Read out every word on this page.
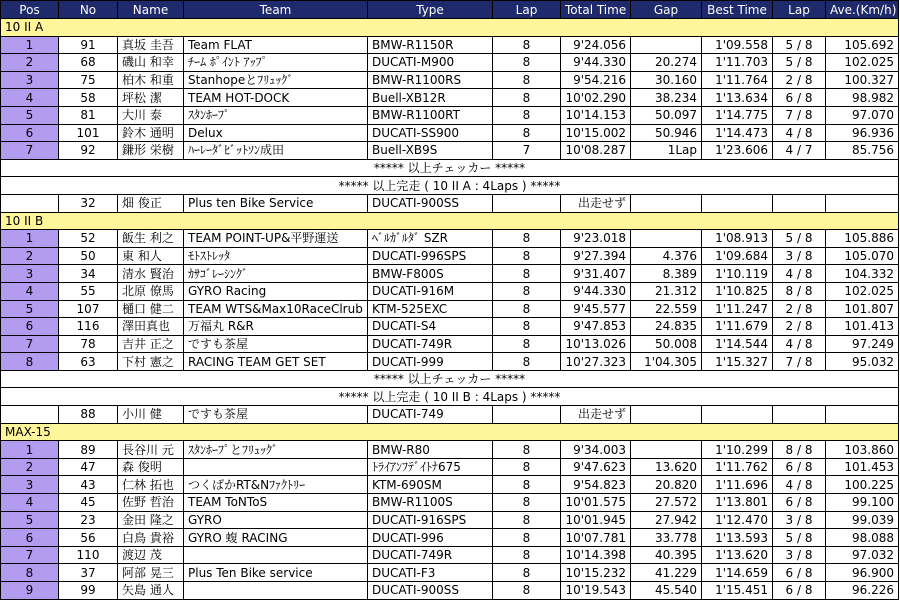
Pos	No	Name	Team	Type	Lap	Total Time	Gap	Best Time	Lap	Ave.(Km/h)
10 II A										
1	91	真坂 圭吾	Team FLAT	BMW-R1150R	8	9'24.056		1'09.558	5 / 8	105.692
2	68	磯山 和幸	ﾁｰﾑ ﾎﾟｲﾝﾄ ｱｯﾌﾟ	DUCATI-M900	8	9'44.330	20.274	1'11.703	5 / 8	102.025
3	75	柏木 和重	Stanhopeとﾌﾘｭｯｸﾞ	BMW-R1100RS	8	9'54.216	30.160	1'11.764	2 / 8	100.327
4	58	坪松 潔	TEAM HOT-DOCK	Buell-XB12R	8	10'02.290	38.234	1'13.634	6 / 8	98.982
5	81	大川 泰	ｽﾀﾝﾎｰﾌﾟ	BMW-R1100RT	8	10'14.153	50.097	1'14.775	7 / 8	97.070
6	101	鈴木 通明	Delux	DUCATI-SS900	8	10'15.002	50.946	1'14.473	4 / 8	96.936
7	92	鎌形 栄樹	ﾊｰﾚｰﾀﾞﾋﾞｯﾄｿﾝ成田	Buell-XB9S	7	10'08.287	1Lap	1'23.606	4 / 7	85.756
***** 以上チェッカー *****										
***** 以上完走 ( 10 II A : 4Laps ) *****										
	32	畑 俊正	Plus ten Bike Service	DUCATI-900SS		出走せず				
10 II B										
1	52	飯生 利之	TEAM POINT-UP&平野運送	ﾍﾞﾙｶﾞﾙﾀﾞ SZR	8	9'23.018		1'08.913	5 / 8	105.886
2	50	東 和人	ﾓﾄｽﾄﾚｯﾀ	DUCATI-996SPS	8	9'27.394	4.376	1'09.684	3 / 8	105.070
3	34	清水 賢治	ｶｻｺﾞﾚｰｼﾝｸﾞ	BMW-F800S	8	9'31.407	8.389	1'10.119	4 / 8	104.332
4	55	北原 僚馬	GYRO Racing	DUCATI-916M	8	9'44.330	21.312	1'10.825	8 / 8	102.025
5	107	樋口 健二	TEAM WTS&Max10RaceClrub	KTM-525EXC	8	9'45.577	22.559	1'11.247	2 / 8	101.807
6	116	澤田真也	万福丸 R&R	DUCATI-S4	8	9'47.853	24.835	1'11.679	2 / 8	101.413
7	78	吉井 正之	ですも茶屋	DUCATI-749R	8	10'13.026	50.008	1'14.544	4 / 8	97.249
8	63	下村 憲之	RACING TEAM GET SET	DUCATI-999	8	10'27.323	1'04.305	1'15.327	7 / 8	95.032
***** 以上チェッカー *****										
***** 以上完走 ( 10 II B : 4Laps ) *****										
	88	小川 健	ですも茶屋	DUCATI-749		出走せず				
MAX-15										
1	89	長谷川 元	ｽﾀﾝﾎｰﾌﾟとﾌﾘｭｯｸﾞ	BMW-R80	8	9'34.003		1'10.299	8 / 8	103.860
2	47	森 俊明		ﾄﾗｲｱﾝﾌﾃﾞｲﾄﾅ675	8	9'47.623	13.620	1'11.762	6 / 8	101.453
3	43	仁林 拓也	つくばかRT&Nﾌｧｸﾄﾘｰ	KTM-690SM	8	9'54.823	20.820	1'11.696	4 / 8	100.225
4	45	佐野 哲治	TEAM ToNToS	BMW-R1100S	8	10'01.575	27.572	1'13.801	6 / 8	99.100
5	23	金田 隆之	GYRO	DUCATI-916SPS	8	10'01.945	27.942	1'12.470	3 / 8	99.039
6	56	白鳥 貴裕	GYRO 蝮 RACING	DUCATI-996	8	10'07.781	33.778	1'13.593	5 / 8	98.088
7	110	渡辺 茂		DUCATI-749R	8	10'14.398	40.395	1'13.620	3 / 8	97.032
8	37	阿部 晃三	Plus Ten Bike service	DUCATI-F3	8	10'15.232	41.229	1'14.659	6 / 8	96.900
9	99	矢島 通人		DUCATI-900SS	8	10'19.543	45.540	1'15.451	6 / 8	96.226
